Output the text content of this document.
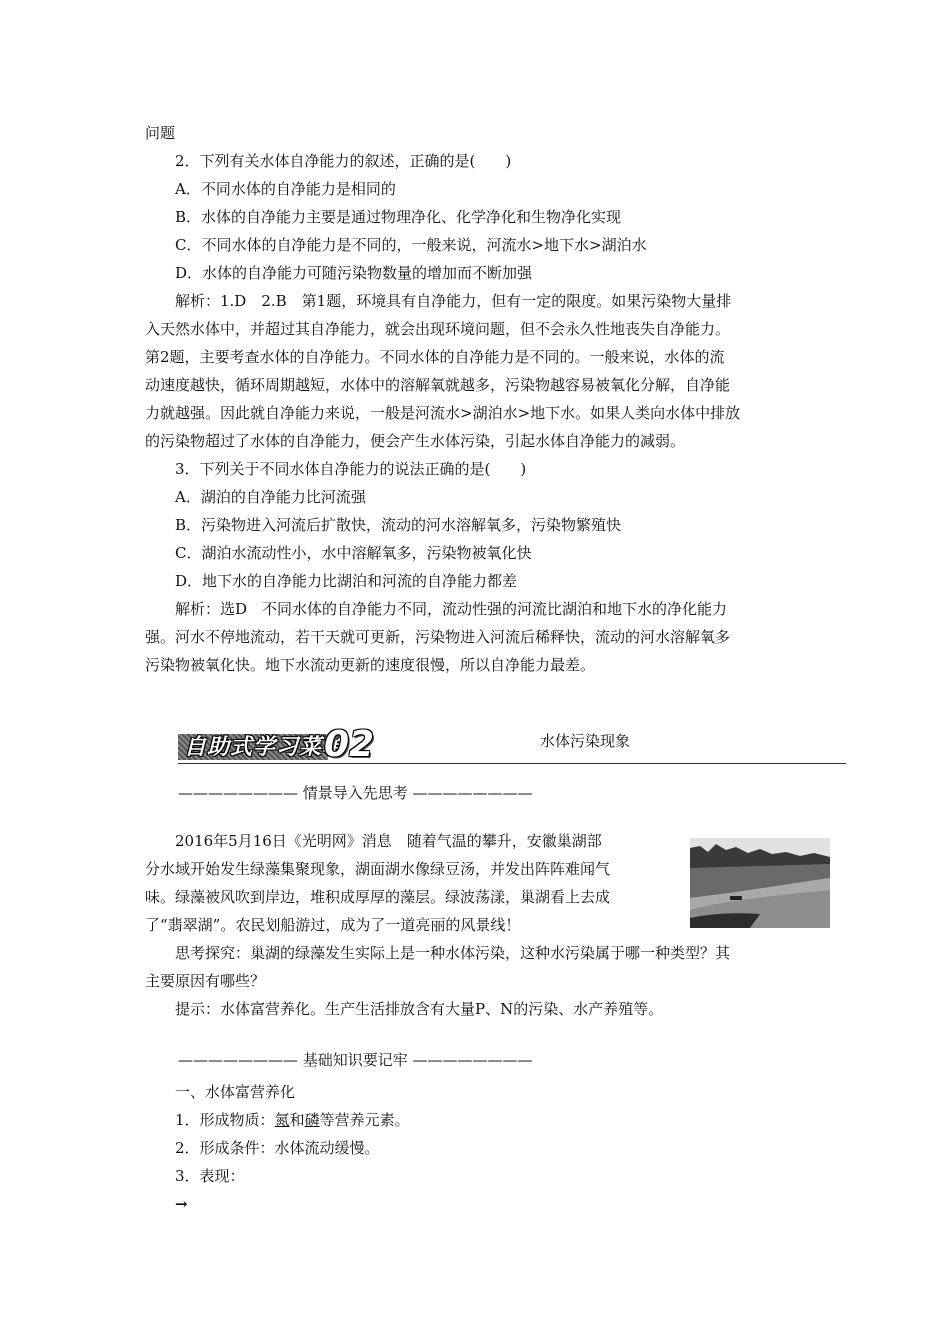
问题
2．下列有关水体自净能力的叙述，正确的是(　　)
A．不同水体的自净能力是相同的
B．水体的自净能力主要是通过物理净化、化学净化和生物净化实现
C．不同水体的自净能力是不同的，一般来说，河流水>地下水>湖泊水
D．水体的自净能力可随污染物数量的增加而不断加强
解析：1.D　2.B　第1题，环境具有自净能力，但有一定的限度。如果污染物大量排
入天然水体中，并超过其自净能力，就会出现环境问题，但不会永久性地丧失自净能力。
第2题，主要考查水体的自净能力。不同水体的自净能力是不同的。一般来说，水体的流
动速度越快，循环周期越短，水体中的溶解氧就越多，污染物越容易被氧化分解，自净能
力就越强。因此就自净能力来说，一般是河流水>湖泊水>地下水。如果人类向水体中排放
的污染物超过了水体的自净能力，便会产生水体污染，引起水体自净能力的减弱。
3．下列关于不同水体自净能力的说法正确的是(　　)
A．湖泊的自净能力比河流强
B．污染物进入河流后扩散快，流动的河水溶解氧多，污染物繁殖快
C．湖泊水流动性小，水中溶解氧多，污染物被氧化快
D．地下水的自净能力比湖泊和河流的自净能力都差
解析：选D　不同水体的自净能力不同，流动性强的河流比湖泊和地下水的净化能力
强。河水不停地流动，若干天就可更新，污染物进入河流后稀释快，流动的河水溶解氧多
污染物被氧化快。地下水流动更新的速度很慢，所以自净能力最差。
自助式学习菜单
02	水体污染现象
———————— 情景导入先思考 ————————
2016年5月16日《光明网》消息　随着气温的攀升，安徽巢湖部
分水域开始发生绿藻集聚现象，湖面湖水像绿豆汤，并发出阵阵难闻气
味。绿藻被风吹到岸边，堆积成厚厚的藻层。绿波荡漾，巢湖看上去成
了“翡翠湖”。农民划船游过，成为了一道亮丽的风景线！
思考探究：巢湖的绿藻发生实际上是一种水体污染，这种水污染属于哪一种类型？其
主要原因有哪些？
提示：水体富营养化。生产生活排放含有大量P、N的污染、水产养殖等。
———————— 基础知识要记牢 ————————
一、水体富营养化
1．形成物质：氮和磷等营养元素。
2．形成条件：水体流动缓慢。
3．表现：
→
